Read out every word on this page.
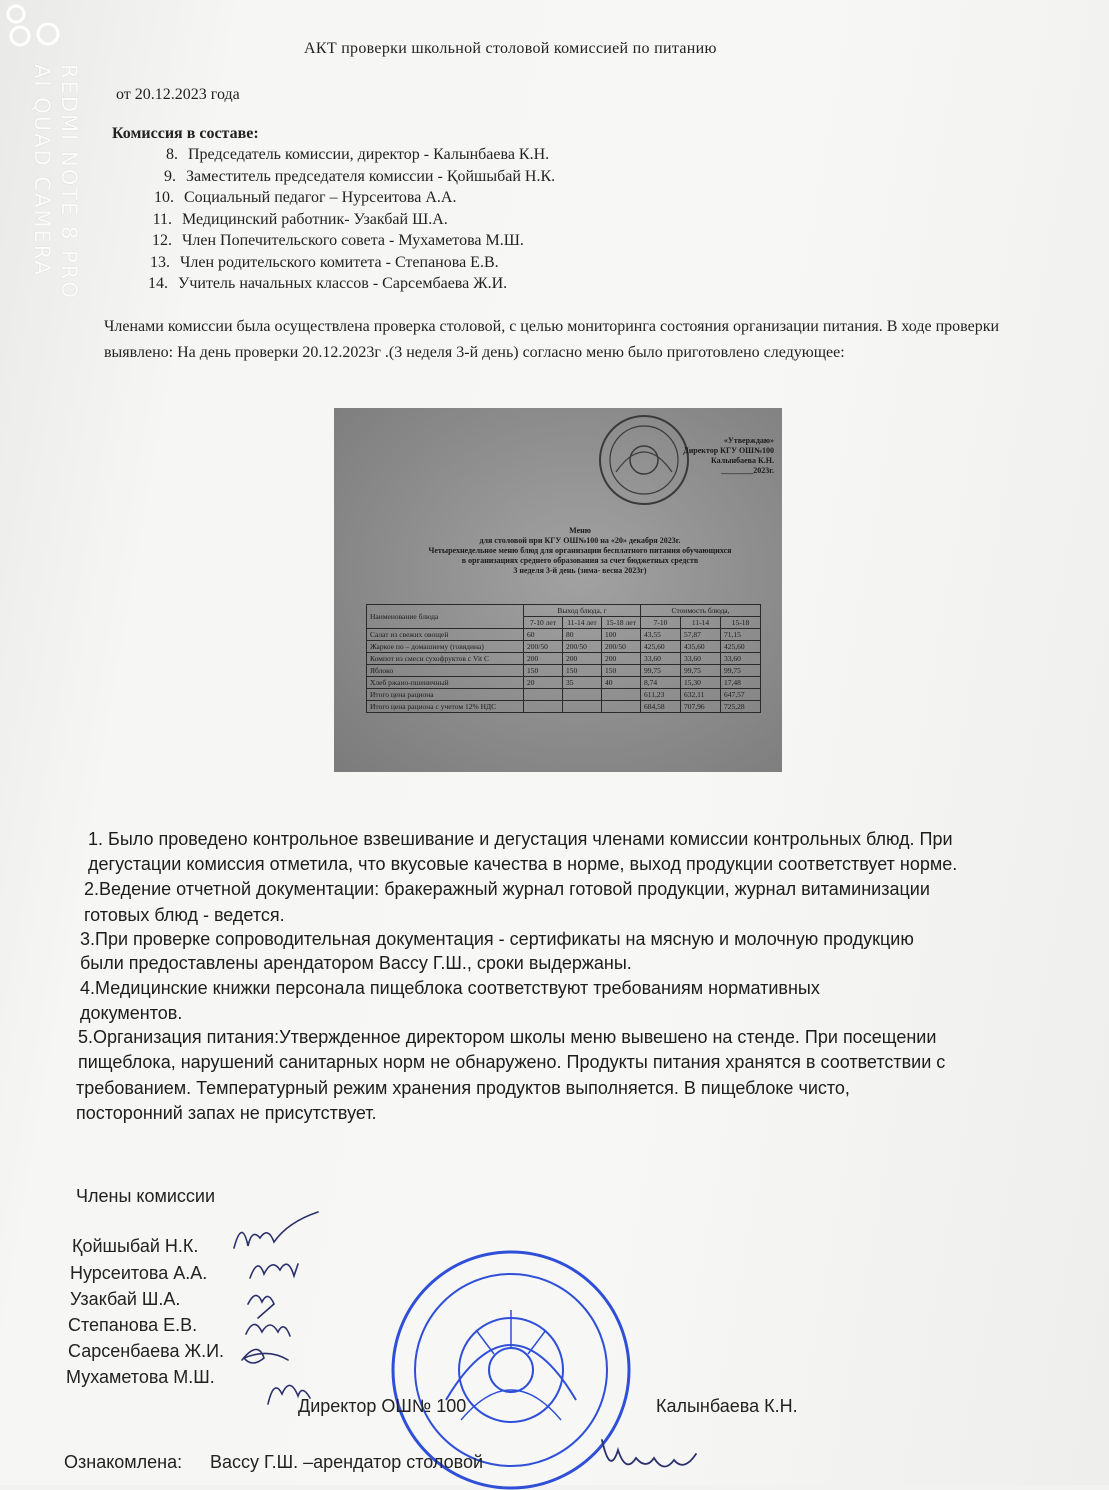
REDMI NOTE 8 PRO
AI QUAD CAMERA
АКТ проверки школьной столовой комиссией по питанию
от 20.12.2023 года
Комиссия в составе:
8. Председатель комиссии, директор - Калынбаева К.Н.
9. Заместитель председателя комиссии - Қойшыбай Н.К.
10. Социальный педагог – Нурсеитова А.А.
11. Медицинский работник- Узакбай Ш.А.
12. Член Попечительского совета - Мухаметова М.Ш.
13. Член родительского комитета - Степанова Е.В.
14. Учитель начальных классов - Сарсембаева Ж.И.
Членами комиссии была осуществлена проверка столовой, с целью мониторинга состояния организации питания. В ходе проверки выявлено: На день проверки 20.12.2023г .(3 неделя 3-й день) согласно меню было приготовлено следующее:
«Утверждаю»
Директор КГУ ОШ№100
Калынбаева К.Н.
________2023г.
Меню
для столовой при КГУ ОШ№100 на «20» декабря 2023г.
Четырехнедельное меню блюд для организации бесплатного питания обучающихся
в организациях среднего образования за счет бюджетных средств
3 неделя 3-й день (зима- весна 2023г)
Наименование блюда	Выход блюда, г			Стоимость блюда,		
	7-10 лет	11-14 лет	15-18 лет	7-10	11-14	15-18
Салат из свежих овощей	60	80	100	43,55	57,87	71,15
Жаркое по – домашнему (говядина)	200/50	200/50	200/50	425,60	435,60	425,60
Компот из смеси сухофруктов с Vit C	200	200	200	33,60	33,60	33,60
Яблоко	150	150	150	99,75	99,75	99,75
Хлеб ржано-пшеничный	20	35	40	8,74	15,30	17,48
Итого цена рациона				611,23	632,11	647,57
Итого цена рациона с учетом 12% НДС				684,58	707,96	725,28
1. Было проведено контрольное взвешивание и дегустация членами комиссии контрольных блюд. При
дегустации комиссия отметила, что вкусовые качества в норме, выход продукции соответствует норме.
2.Ведение отчетной документации: бракеражный журнал готовой продукции, журнал витаминизации
готовых блюд - ведется.
3.При проверке сопроводительная документация - сертификаты на мясную и молочную продукцию
были предоставлены арендатором Вассу Г.Ш., сроки выдержаны.
4.Медицинские книжки персонала пищеблока соответствуют требованиям нормативных
документов.
5.Организация питания:Утвержденное директором школы меню вывешено на стенде. При посещении
пищеблока, нарушений санитарных норм не обнаружено. Продукты питания хранятся в соответствии с
требованием. Температурный режим хранения продуктов выполняется. В пищеблоке чисто,
посторонний запах не присутствует.
Члены комиссии
Қойшыбай Н.К.
Нурсеитова А.А.
Узакбай Ш.А.
Степанова Е.В.
Сарсенбаева Ж.И.
Мухаметова М.Ш.
Директор ОШ№ 100	Калынбаева К.Н.
Ознакомлена: Вассу Г.Ш. –арендатор столовой
